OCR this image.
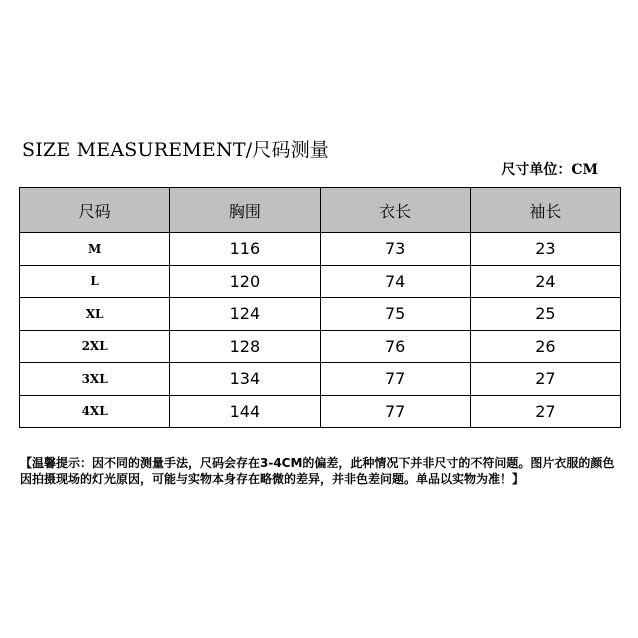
SIZE MEASUREMENT/尺码测量
尺寸单位：CM
尺码	胸围	衣长	袖长
M	116	73	23
L	120	74	24
XL	124	75	25
2XL	128	76	26
3XL	134	77	27
4XL	144	77	27
【温馨提示：因不同的测量手法，尺码会存在3-4CM的偏差，此种情况下并非尺寸的不符问题。图片衣服的颜色因拍摄现场的灯光原因，可能与实物本身存在略微的差异，并非色差问题。单品以实物为准！】
